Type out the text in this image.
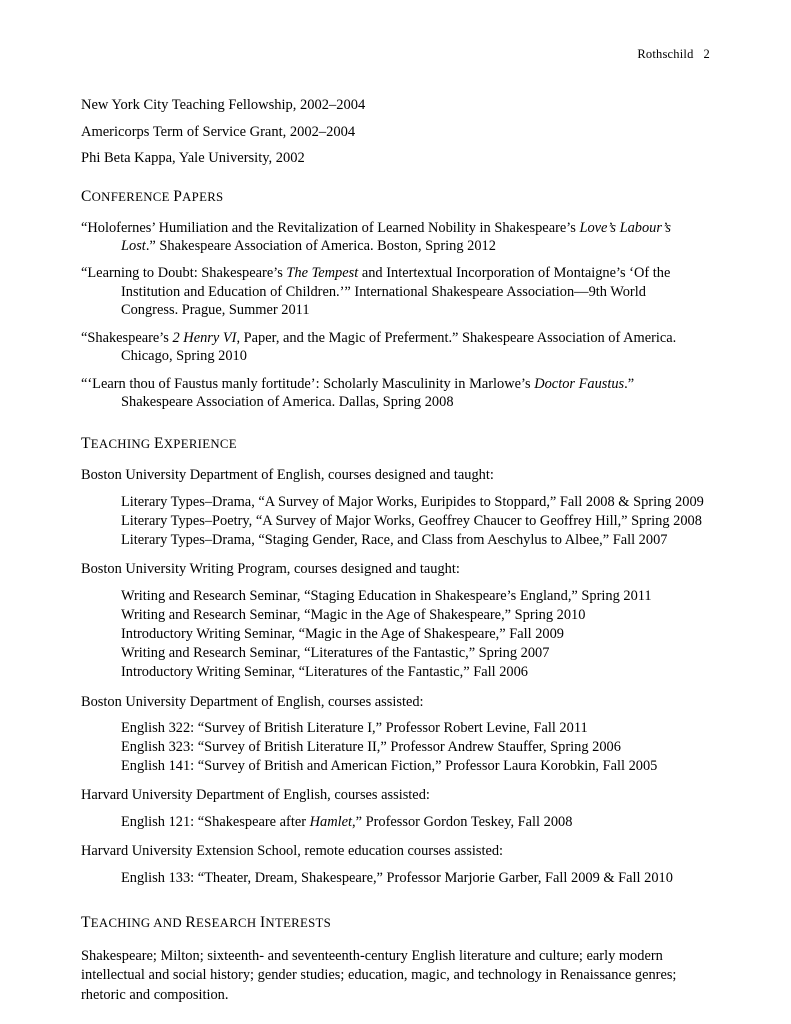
Rothschild 2
New York City Teaching Fellowship, 2002–2004
Americorps Term of Service Grant, 2002–2004
Phi Beta Kappa, Yale University, 2002
CONFERENCE PAPERS
“Holofernes’ Humiliation and the Revitalization of Learned Nobility in Shakespeare’s Love’s Labour’s
Lost.” Shakespeare Association of America. Boston, Spring 2012
“Learning to Doubt: Shakespeare’s The Tempest and Intertextual Incorporation of Montaigne’s ‘Of the
Institution and Education of Children.’” International Shakespeare Association—9th World
Congress. Prague, Summer 2011
“Shakespeare’s 2 Henry VI, Paper, and the Magic of Preferment.” Shakespeare Association of America.
Chicago, Spring 2010
“‘Learn thou of Faustus manly fortitude’: Scholarly Masculinity in Marlowe’s Doctor Faustus.”
Shakespeare Association of America. Dallas, Spring 2008
TEACHING EXPERIENCE
Boston University Department of English, courses designed and taught:
Literary Types–Drama, “A Survey of Major Works, Euripides to Stoppard,” Fall 2008 & Spring 2009
Literary Types–Poetry, “A Survey of Major Works, Geoffrey Chaucer to Geoffrey Hill,” Spring 2008
Literary Types–Drama, “Staging Gender, Race, and Class from Aeschylus to Albee,” Fall 2007
Boston University Writing Program, courses designed and taught:
Writing and Research Seminar, “Staging Education in Shakespeare’s England,” Spring 2011
Writing and Research Seminar, “Magic in the Age of Shakespeare,” Spring 2010
Introductory Writing Seminar, “Magic in the Age of Shakespeare,” Fall 2009
Writing and Research Seminar, “Literatures of the Fantastic,” Spring 2007
Introductory Writing Seminar, “Literatures of the Fantastic,” Fall 2006
Boston University Department of English, courses assisted:
English 322: “Survey of British Literature I,” Professor Robert Levine, Fall 2011
English 323: “Survey of British Literature II,” Professor Andrew Stauffer, Spring 2006
English 141: “Survey of British and American Fiction,” Professor Laura Korobkin, Fall 2005
Harvard University Department of English, courses assisted:
English 121: “Shakespeare after Hamlet,” Professor Gordon Teskey, Fall 2008
Harvard University Extension School, remote education courses assisted:
English 133: “Theater, Dream, Shakespeare,” Professor Marjorie Garber, Fall 2009 & Fall 2010
TEACHING AND RESEARCH INTERESTS
Shakespeare; Milton; sixteenth- and seventeenth-century English literature and culture; early modern
intellectual and social history; gender studies; education, magic, and technology in Renaissance genres;
rhetoric and composition.
